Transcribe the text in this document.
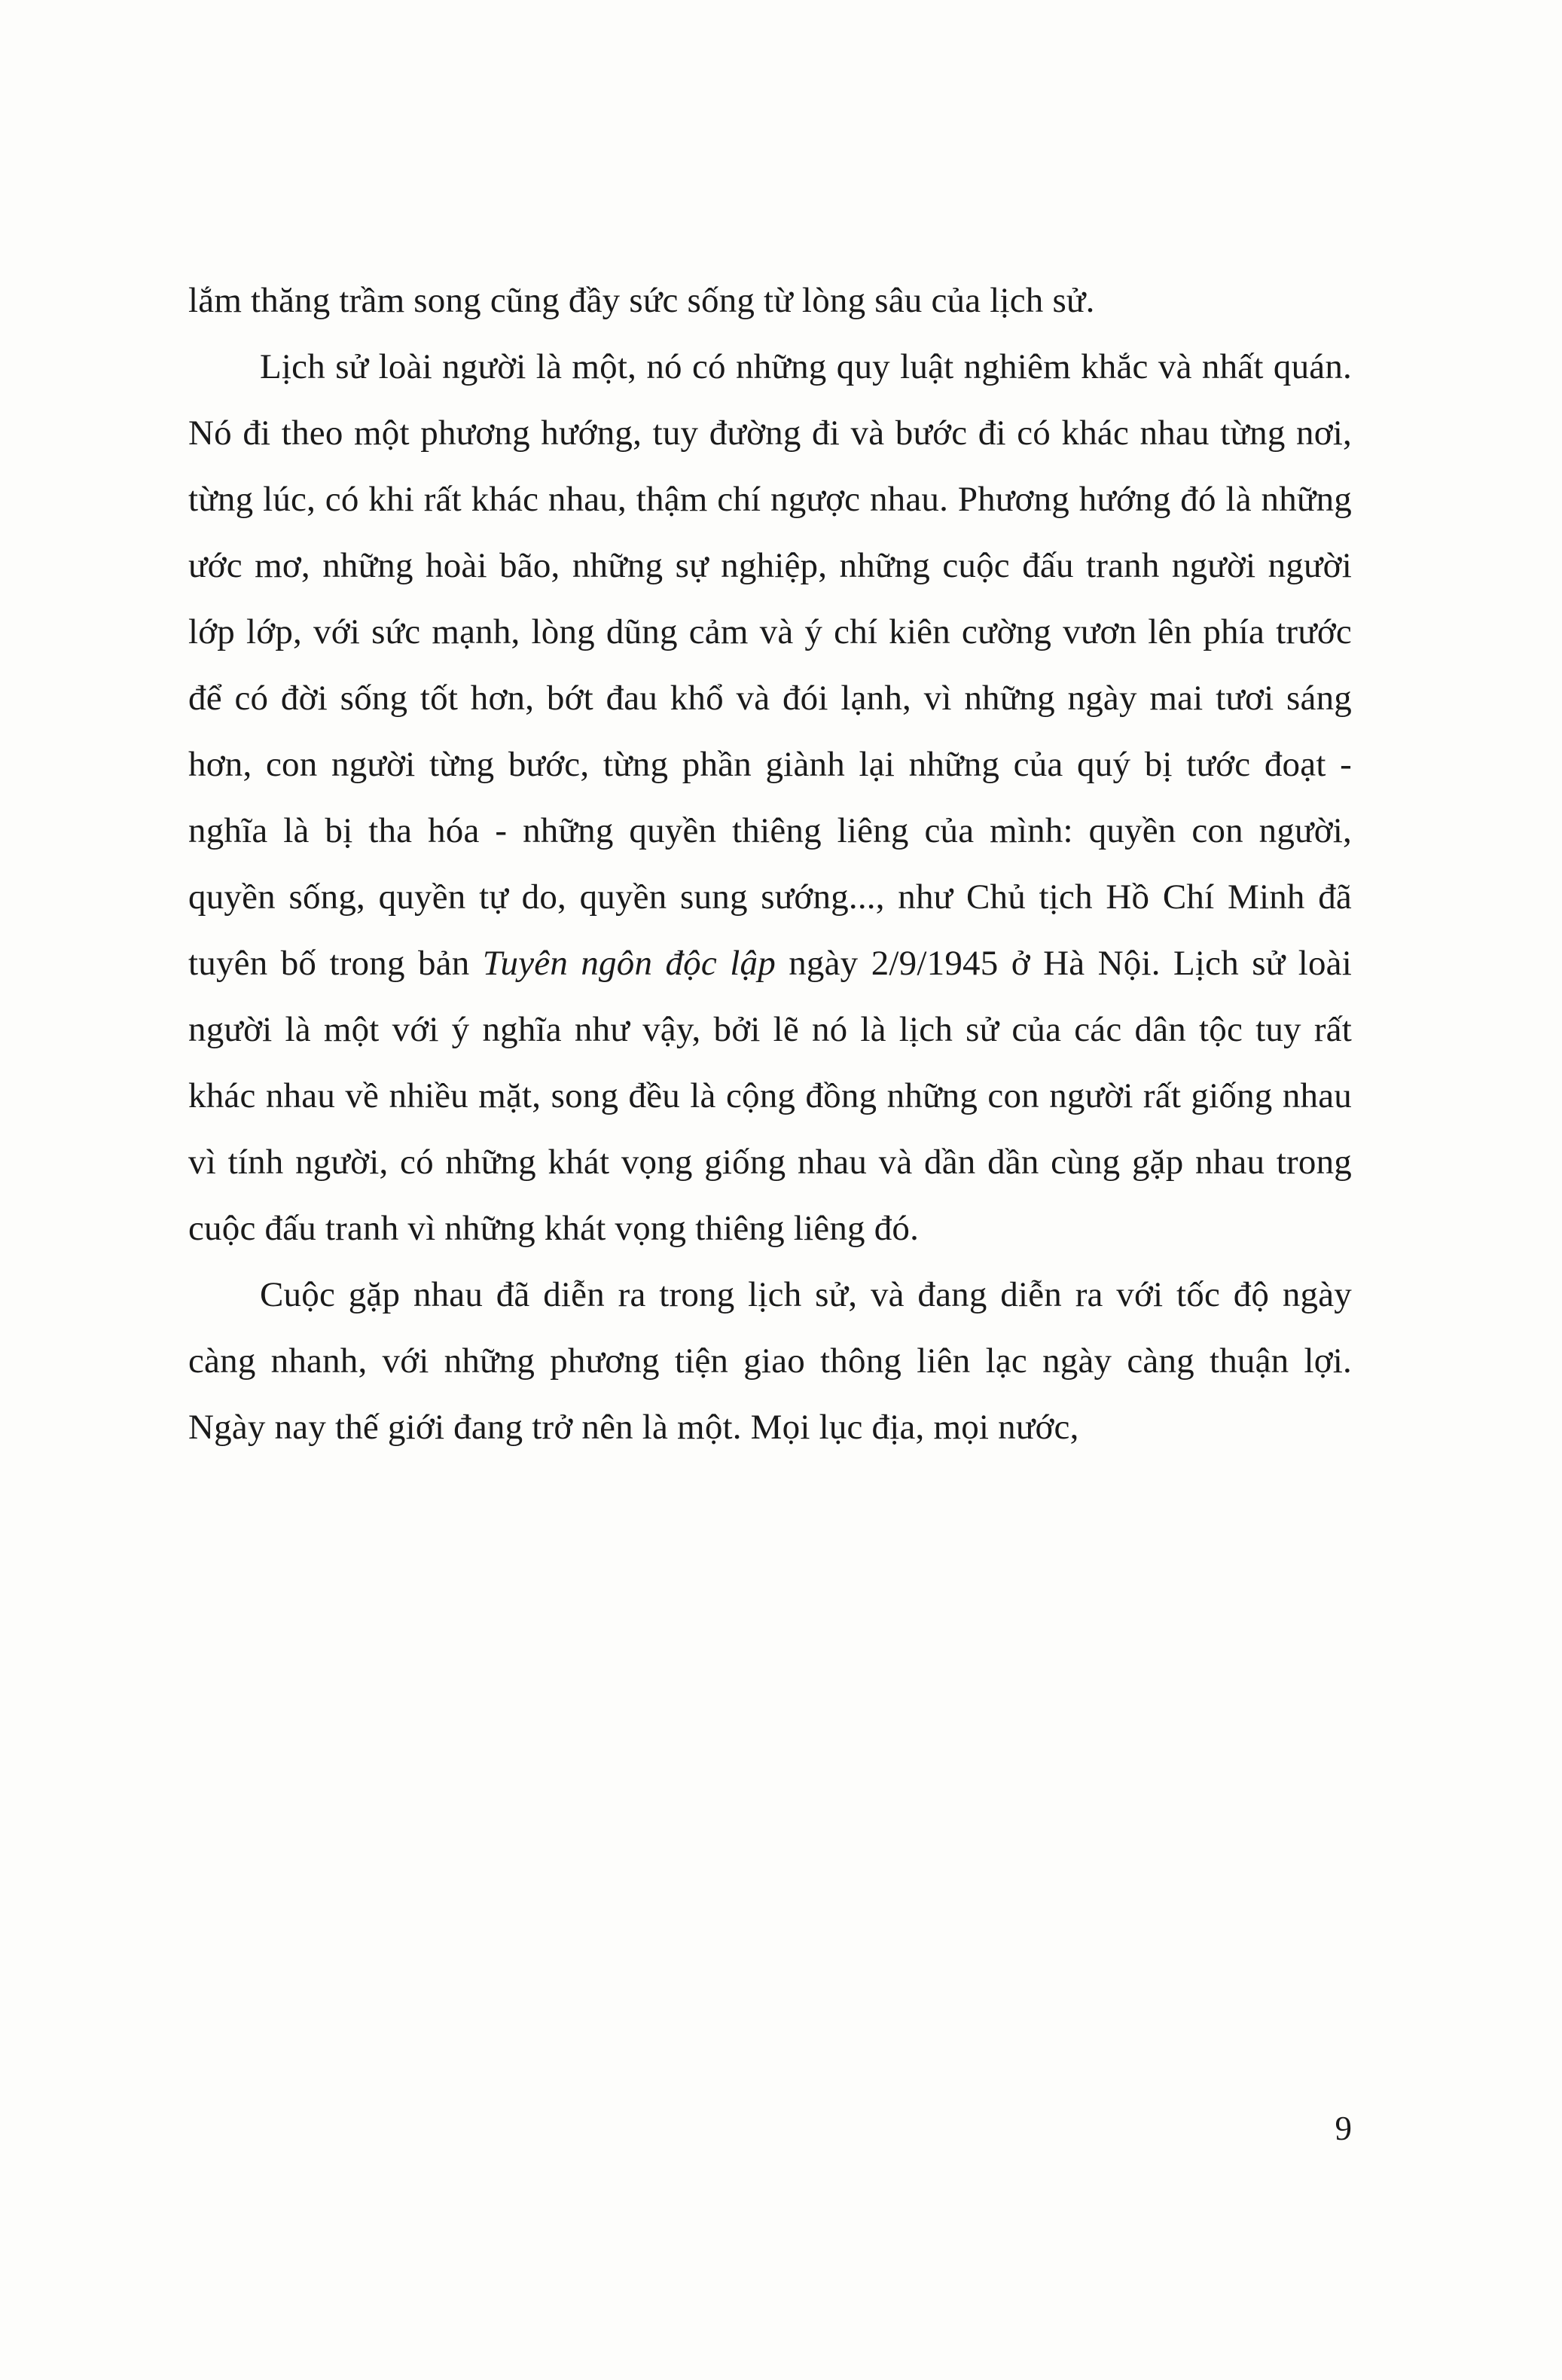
lắm thăng trầm song cũng đầy sức sống từ lòng sâu của lịch sử.

Lịch sử loài người là một, nó có những quy luật nghiêm khắc và nhất quán. Nó đi theo một phương hướng, tuy đường đi và bước đi có khác nhau từng nơi, từng lúc, có khi rất khác nhau, thậm chí ngược nhau. Phương hướng đó là những ước mơ, những hoài bão, những sự nghiệp, những cuộc đấu tranh người người lớp lớp, với sức mạnh, lòng dũng cảm và ý chí kiên cường vươn lên phía trước để có đời sống tốt hơn, bớt đau khổ và đói lạnh, vì những ngày mai tươi sáng hơn, con người từng bước, từng phần giành lại những của quý bị tước đoạt - nghĩa là bị tha hóa - những quyền thiêng liêng của mình: quyền con người, quyền sống, quyền tự do, quyền sung sướng..., như Chủ tịch Hồ Chí Minh đã tuyên bố trong bản Tuyên ngôn độc lập ngày 2/9/1945 ở Hà Nội. Lịch sử loài người là một với ý nghĩa như vậy, bởi lẽ nó là lịch sử của các dân tộc tuy rất khác nhau về nhiều mặt, song đều là cộng đồng những con người rất giống nhau vì tính người, có những khát vọng giống nhau và dần dần cùng gặp nhau trong cuộc đấu tranh vì những khát vọng thiêng liêng đó.

Cuộc gặp nhau đã diễn ra trong lịch sử, và đang diễn ra với tốc độ ngày càng nhanh, với những phương tiện giao thông liên lạc ngày càng thuận lợi. Ngày nay thế giới đang trở nên là một. Mọi lục địa, mọi nước,

9
